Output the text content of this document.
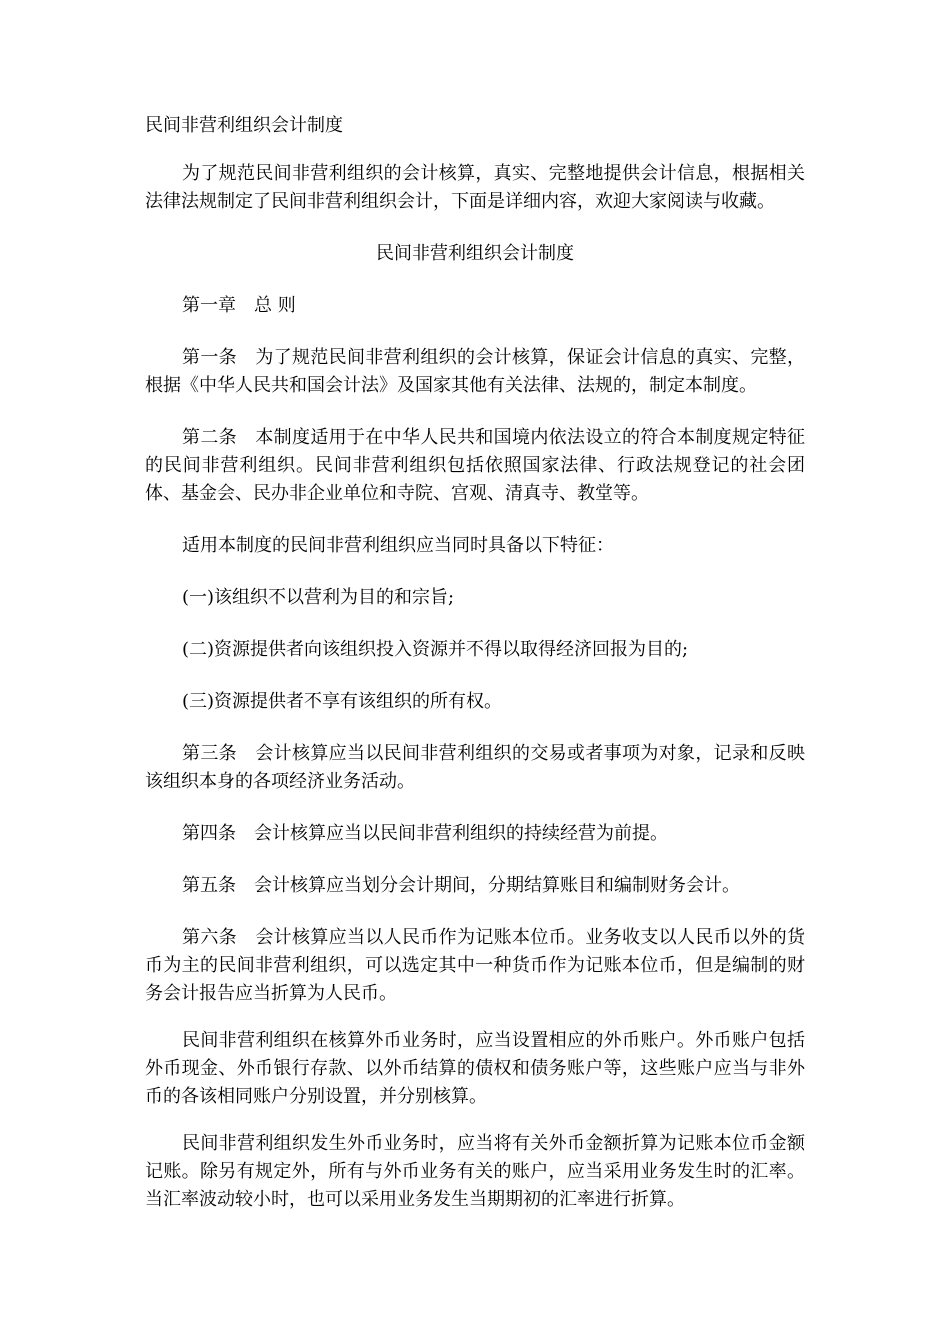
民间非营利组织会计制度

为了规范民间非营利组织的会计核算，真实、完整地提供会计信息，根据相关法律法规制定了民间非营利组织会计，下面是详细内容，欢迎大家阅读与收藏。

民间非营利组织会计制度

第一章　总 则

第一条　为了规范民间非营利组织的会计核算，保证会计信息的真实、完整，根据《中华人民共和国会计法》及国家其他有关法律、法规的，制定本制度。

第二条　本制度适用于在中华人民共和国境内依法设立的符合本制度规定特征的民间非营利组织。民间非营利组织包括依照国家法律、行政法规登记的社会团体、基金会、民办非企业单位和寺院、宫观、清真寺、教堂等。

适用本制度的民间非营利组织应当同时具备以下特征：

(一)该组织不以营利为目的和宗旨;

(二)资源提供者向该组织投入资源并不得以取得经济回报为目的;

(三)资源提供者不享有该组织的所有权。

第三条　会计核算应当以民间非营利组织的交易或者事项为对象，记录和反映该组织本身的各项经济业务活动。

第四条　会计核算应当以民间非营利组织的持续经营为前提。

第五条　会计核算应当划分会计期间，分期结算账目和编制财务会计。

第六条　会计核算应当以人民币作为记账本位币。业务收支以人民币以外的货币为主的民间非营利组织，可以选定其中一种货币作为记账本位币，但是编制的财务会计报告应当折算为人民币。

民间非营利组织在核算外币业务时，应当设置相应的外币账户。外币账户包括外币现金、外币银行存款、以外币结算的债权和债务账户等，这些账户应当与非外币的各该相同账户分别设置，并分别核算。

民间非营利组织发生外币业务时，应当将有关外币金额折算为记账本位币金额记账。除另有规定外，所有与外币业务有关的账户，应当采用业务发生时的汇率。当汇率波动较小时，也可以采用业务发生当期期初的汇率进行折算。
